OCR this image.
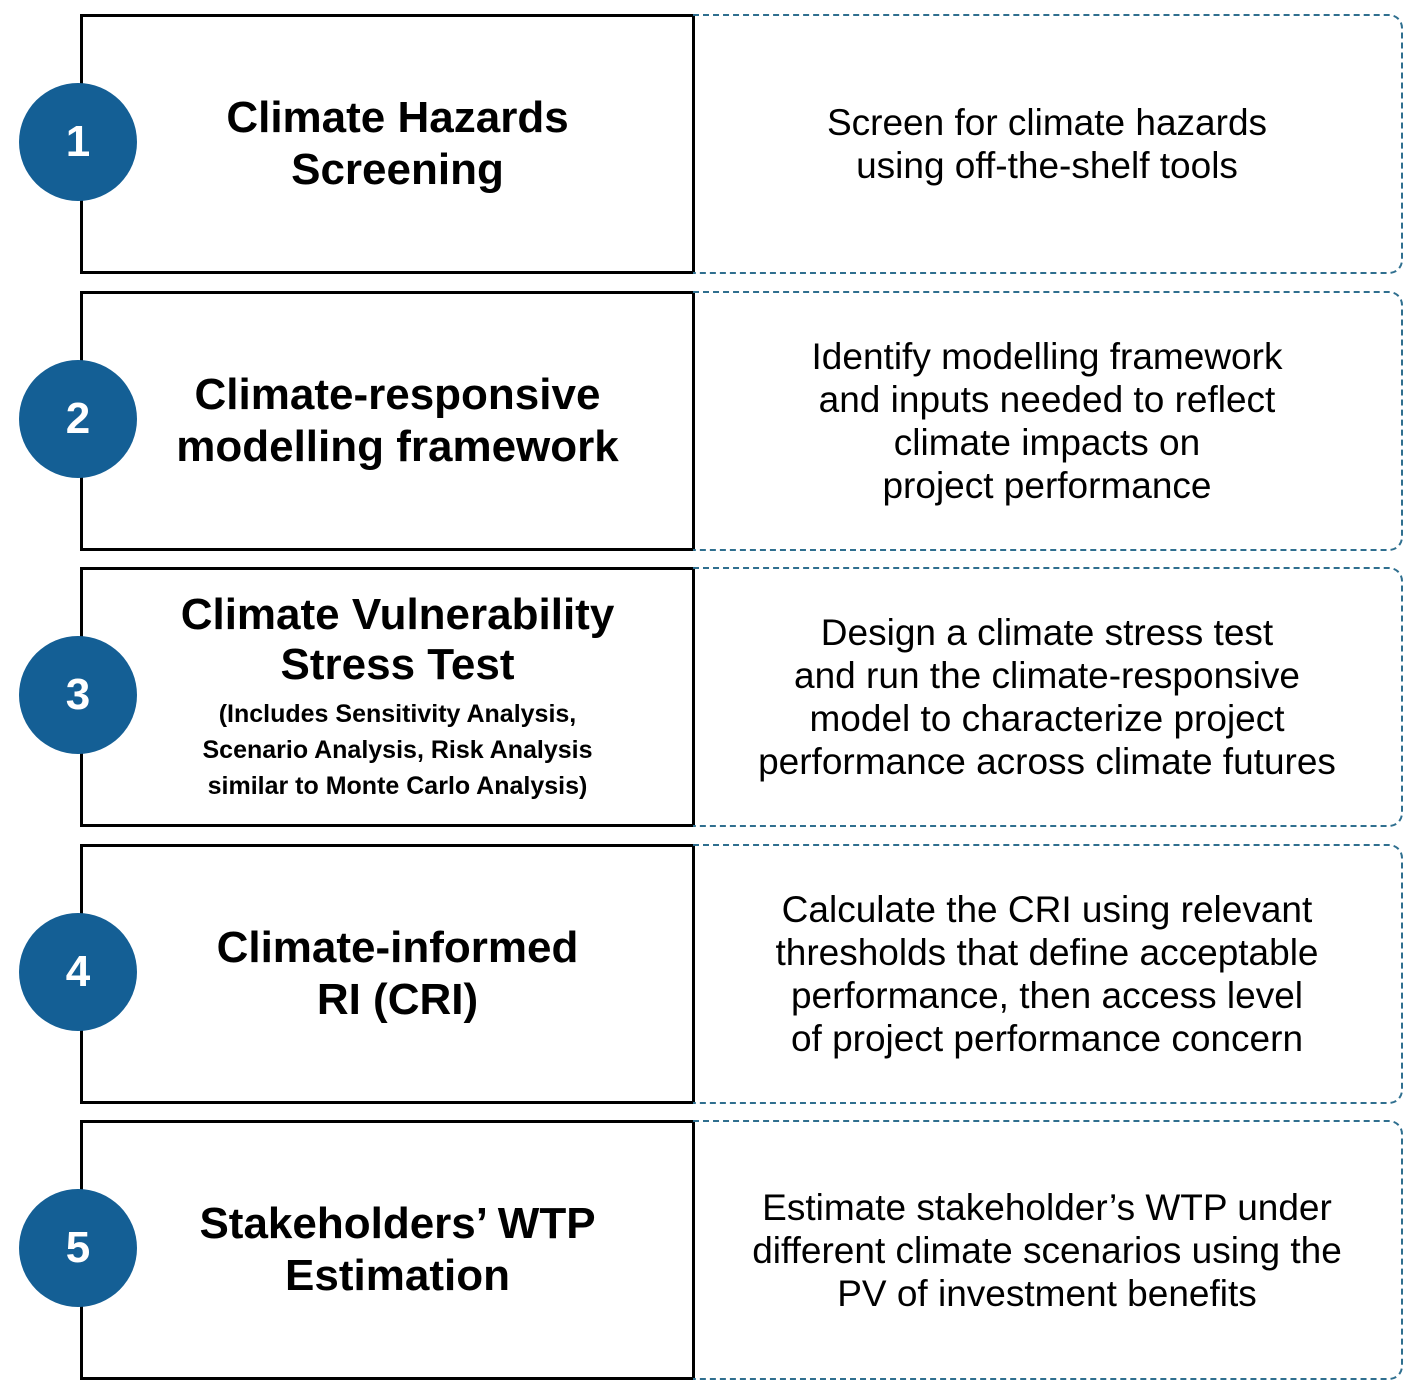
Climate Hazards
Screening
Screen for climate hazards
using off-the-shelf tools
1
Climate-responsive
modelling framework
Identify modelling framework
and inputs needed to reflect
climate impacts on
project performance
2
Climate Vulnerability
Stress Test
(Includes Sensitivity Analysis,
Scenario Analysis, Risk Analysis
similar to Monte Carlo Analysis)
Design a climate stress test
and run the climate-responsive
model to characterize project
performance across climate futures
3
Climate-informed
RI (CRI)
Calculate the CRI using relevant
thresholds that define acceptable
performance, then access level
of project performance concern
4
Stakeholders’ WTP
Estimation
Estimate stakeholder’s WTP under
different climate scenarios using the
PV of investment benefits
5
